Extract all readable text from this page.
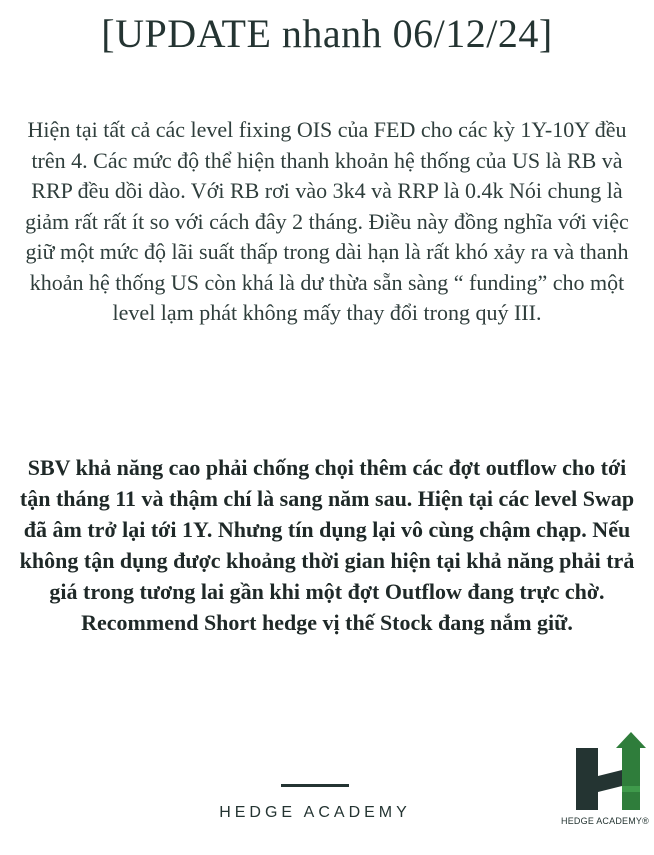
[UPDATE nhanh 06/12/24]

Hiện tại tất cả các level fixing OIS của FED cho các kỳ 1Y-10Y đều trên 4. Các mức độ thể hiện thanh khoản hệ thống của US là RB và RRP đều dồi dào. Với RB rơi vào 3k4 và RRP là 0.4k Nói chung là giảm rất rất ít so với cách đây 2 tháng. Điều này đồng nghĩa với việc giữ một mức độ lãi suất thấp trong dài hạn là rất khó xảy ra và thanh khoản hệ thống US còn khá là dư thừa sẵn sàng “ funding” cho một level lạm phát không mấy thay đổi trong quý III.

SBV khả năng cao phải chống chọi thêm các đợt outflow cho tới tận tháng 11 và thậm chí là sang năm sau. Hiện tại các level Swap đã âm trở lại tới 1Y. Nhưng tín dụng lại vô cùng chậm chạp. Nếu không tận dụng được khoảng thời gian hiện tại khả năng phải trả giá trong tương lai gần khi một đợt Outflow đang trực chờ. Recommend Short hedge vị thế Stock đang nắm giữ.

HEDGE ACADEMY	HEDGE ACADEMY®
